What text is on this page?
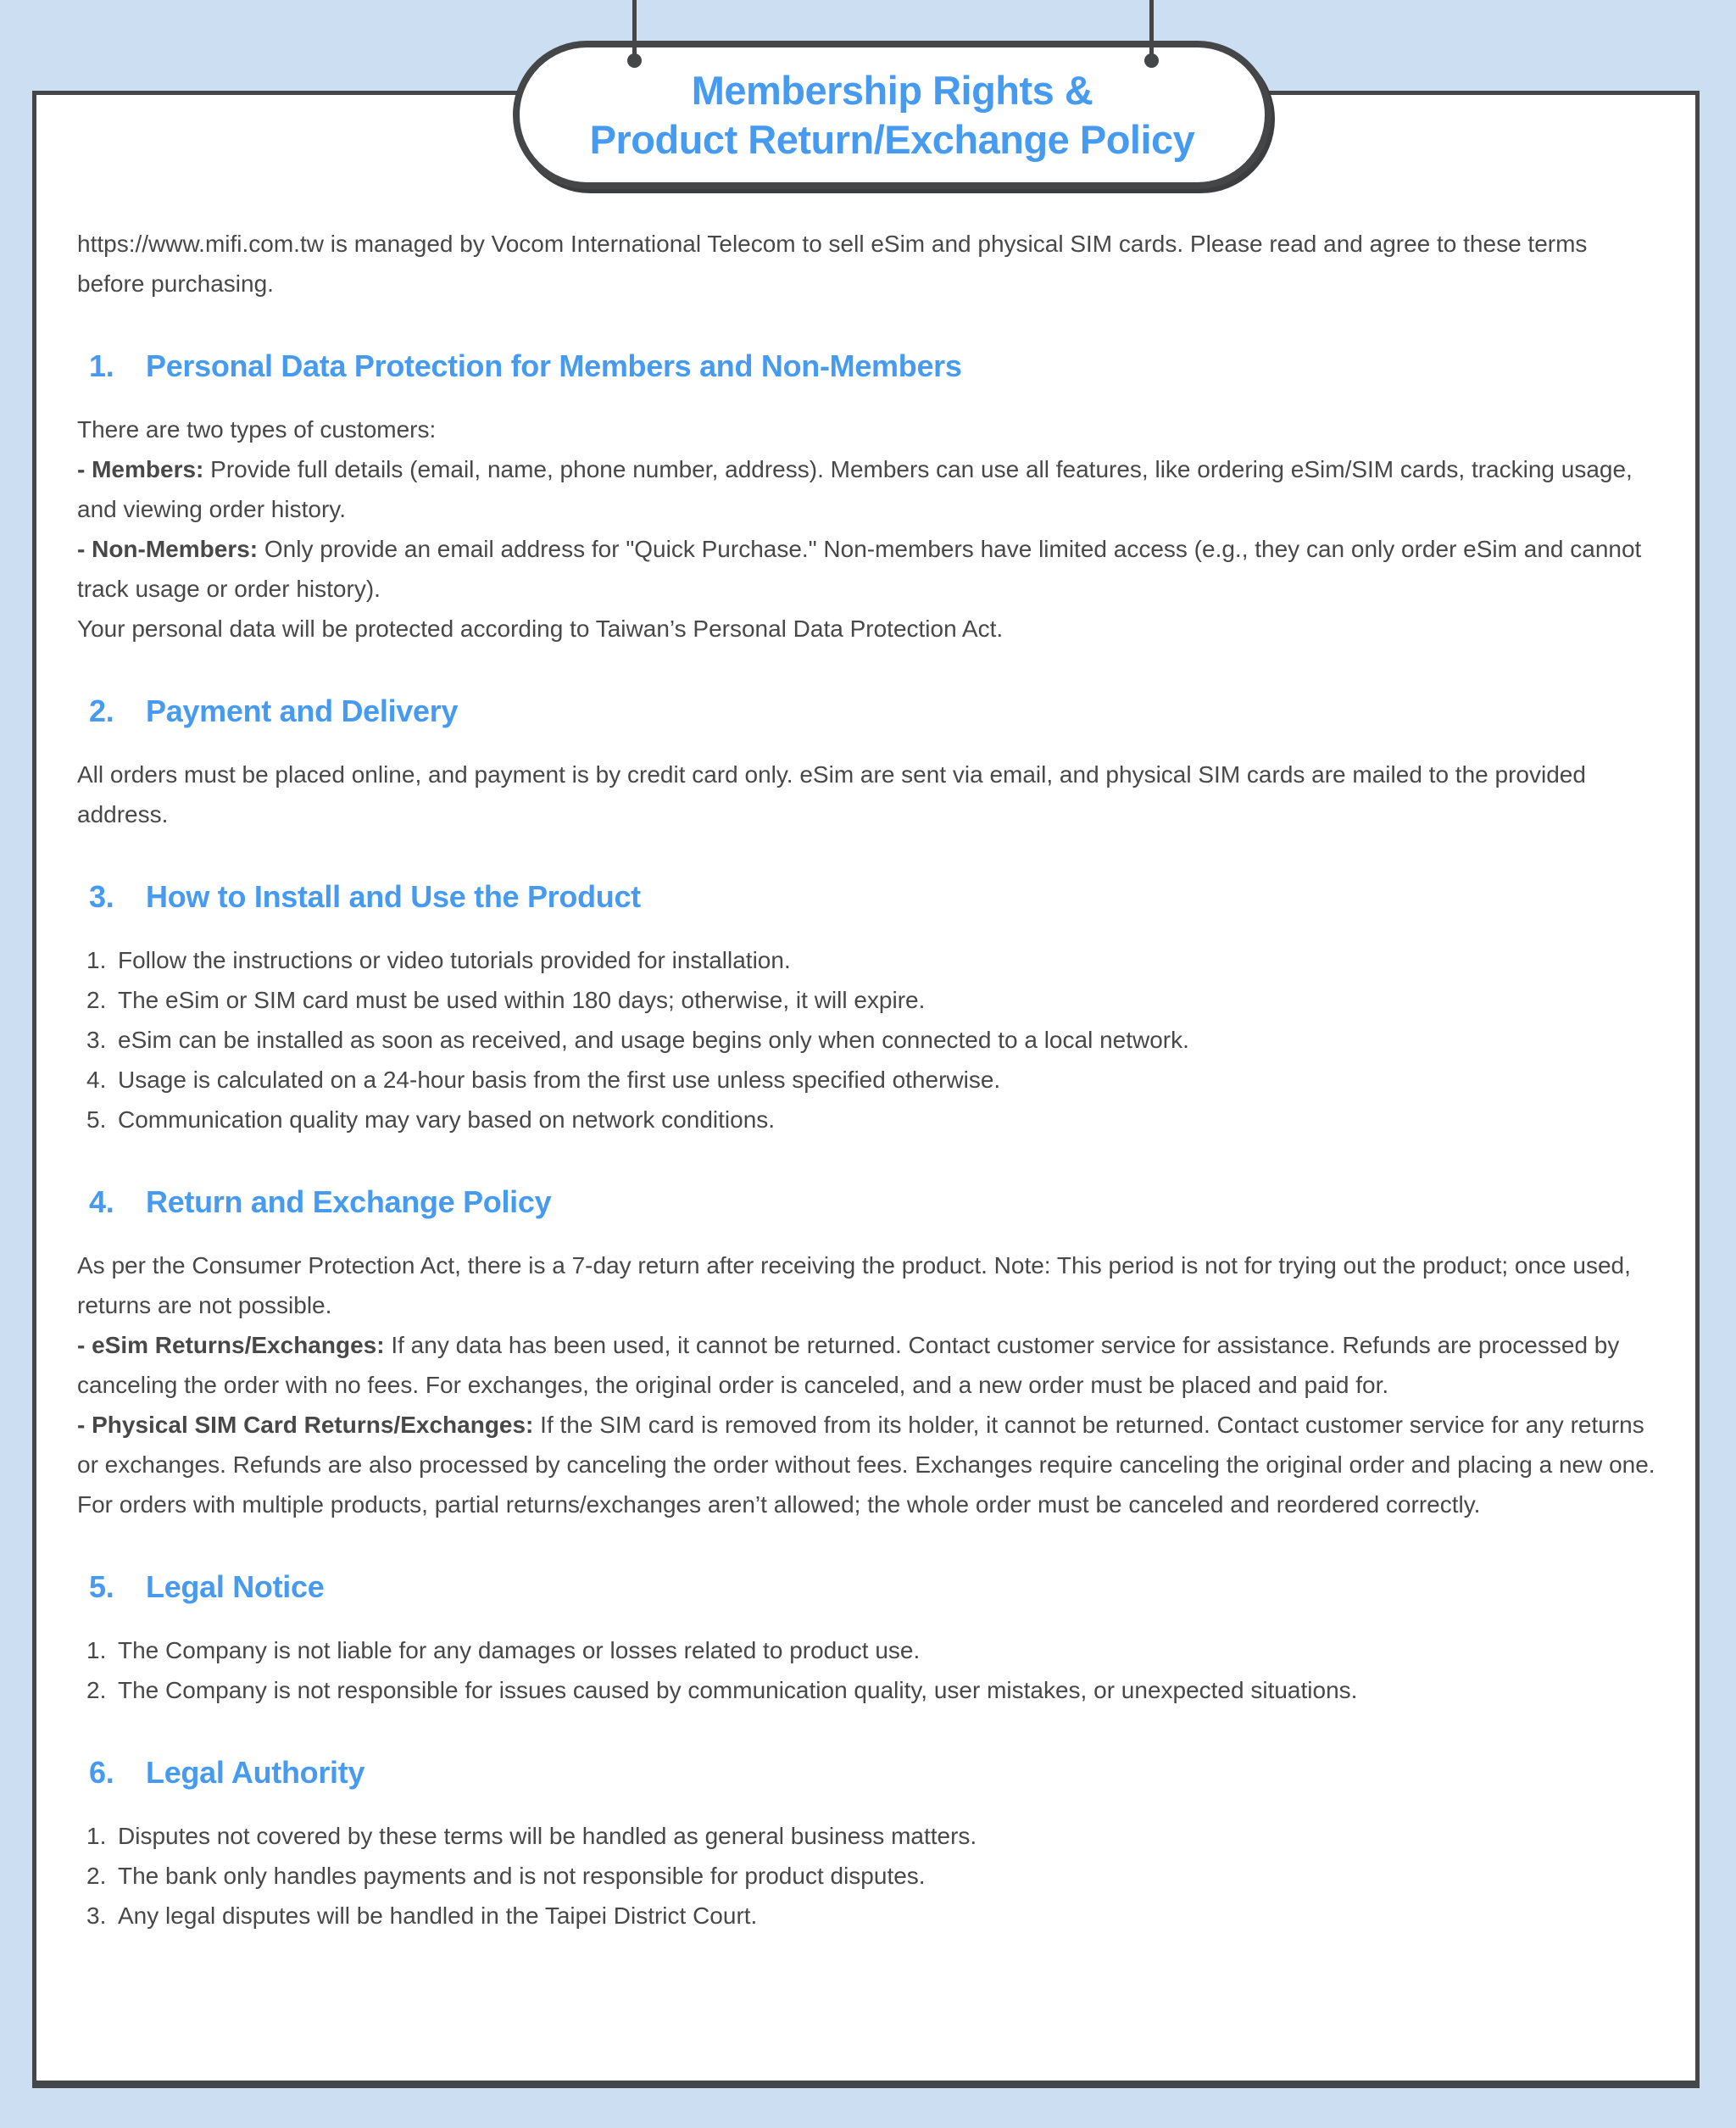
https://www.mifi.com.tw is managed by Vocom International Telecom to sell eSim and physical SIM cards. Please read and agree to these terms before purchasing.

1.	Personal Data Protection for Members and Non-Members

There are two types of customers:

- Members: Provide full details (email, name, phone number, address). Members can use all features, like ordering eSim/SIM cards, tracking usage, and viewing order history.

- Non-Members: Only provide an email address for "Quick Purchase." Non-members have limited access (e.g., they can only order eSim and cannot track usage or order history).

Your personal data will be protected according to Taiwan’s Personal Data Protection Act.

2.	Payment and Delivery

All orders must be placed online, and payment is by credit card only. eSim are sent via email, and physical SIM cards are mailed to the provided address.

3.	How to Install and Use the Product
1. Follow the instructions or video tutorials provided for installation.
2. The eSim or SIM card must be used within 180 days; otherwise, it will expire.
3. eSim can be installed as soon as received, and usage begins only when connected to a local network.
4. Usage is calculated on a 24-hour basis from the first use unless specified otherwise.
5. Communication quality may vary based on network conditions.
4.	Return and Exchange Policy

As per the Consumer Protection Act, there is a 7-day return after receiving the product. Note: This period is not for trying out the product; once used, returns are not possible.

- eSim Returns/Exchanges: If any data has been used, it cannot be returned. Contact customer service for assistance. Refunds are processed by canceling the order with no fees. For exchanges, the original order is canceled, and a new order must be placed and paid for.

- Physical SIM Card Returns/Exchanges: If the SIM card is removed from its holder, it cannot be returned. Contact customer service for any returns or exchanges. Refunds are also processed by canceling the order without fees. Exchanges require canceling the original order and placing a new one.

For orders with multiple products, partial returns/exchanges aren’t allowed; the whole order must be canceled and reordered correctly.

5.	Legal Notice
1. The Company is not liable for any damages or losses related to product use.
2. The Company is not responsible for issues caused by communication quality, user mistakes, or unexpected situations.
6.	Legal Authority
1. Disputes not covered by these terms will be handled as general business matters.
2. The bank only handles payments and is not responsible for product disputes.
3. Any legal disputes will be handled in the Taipei District Court.
Membership Rights &
Product Return/Exchange Policy
